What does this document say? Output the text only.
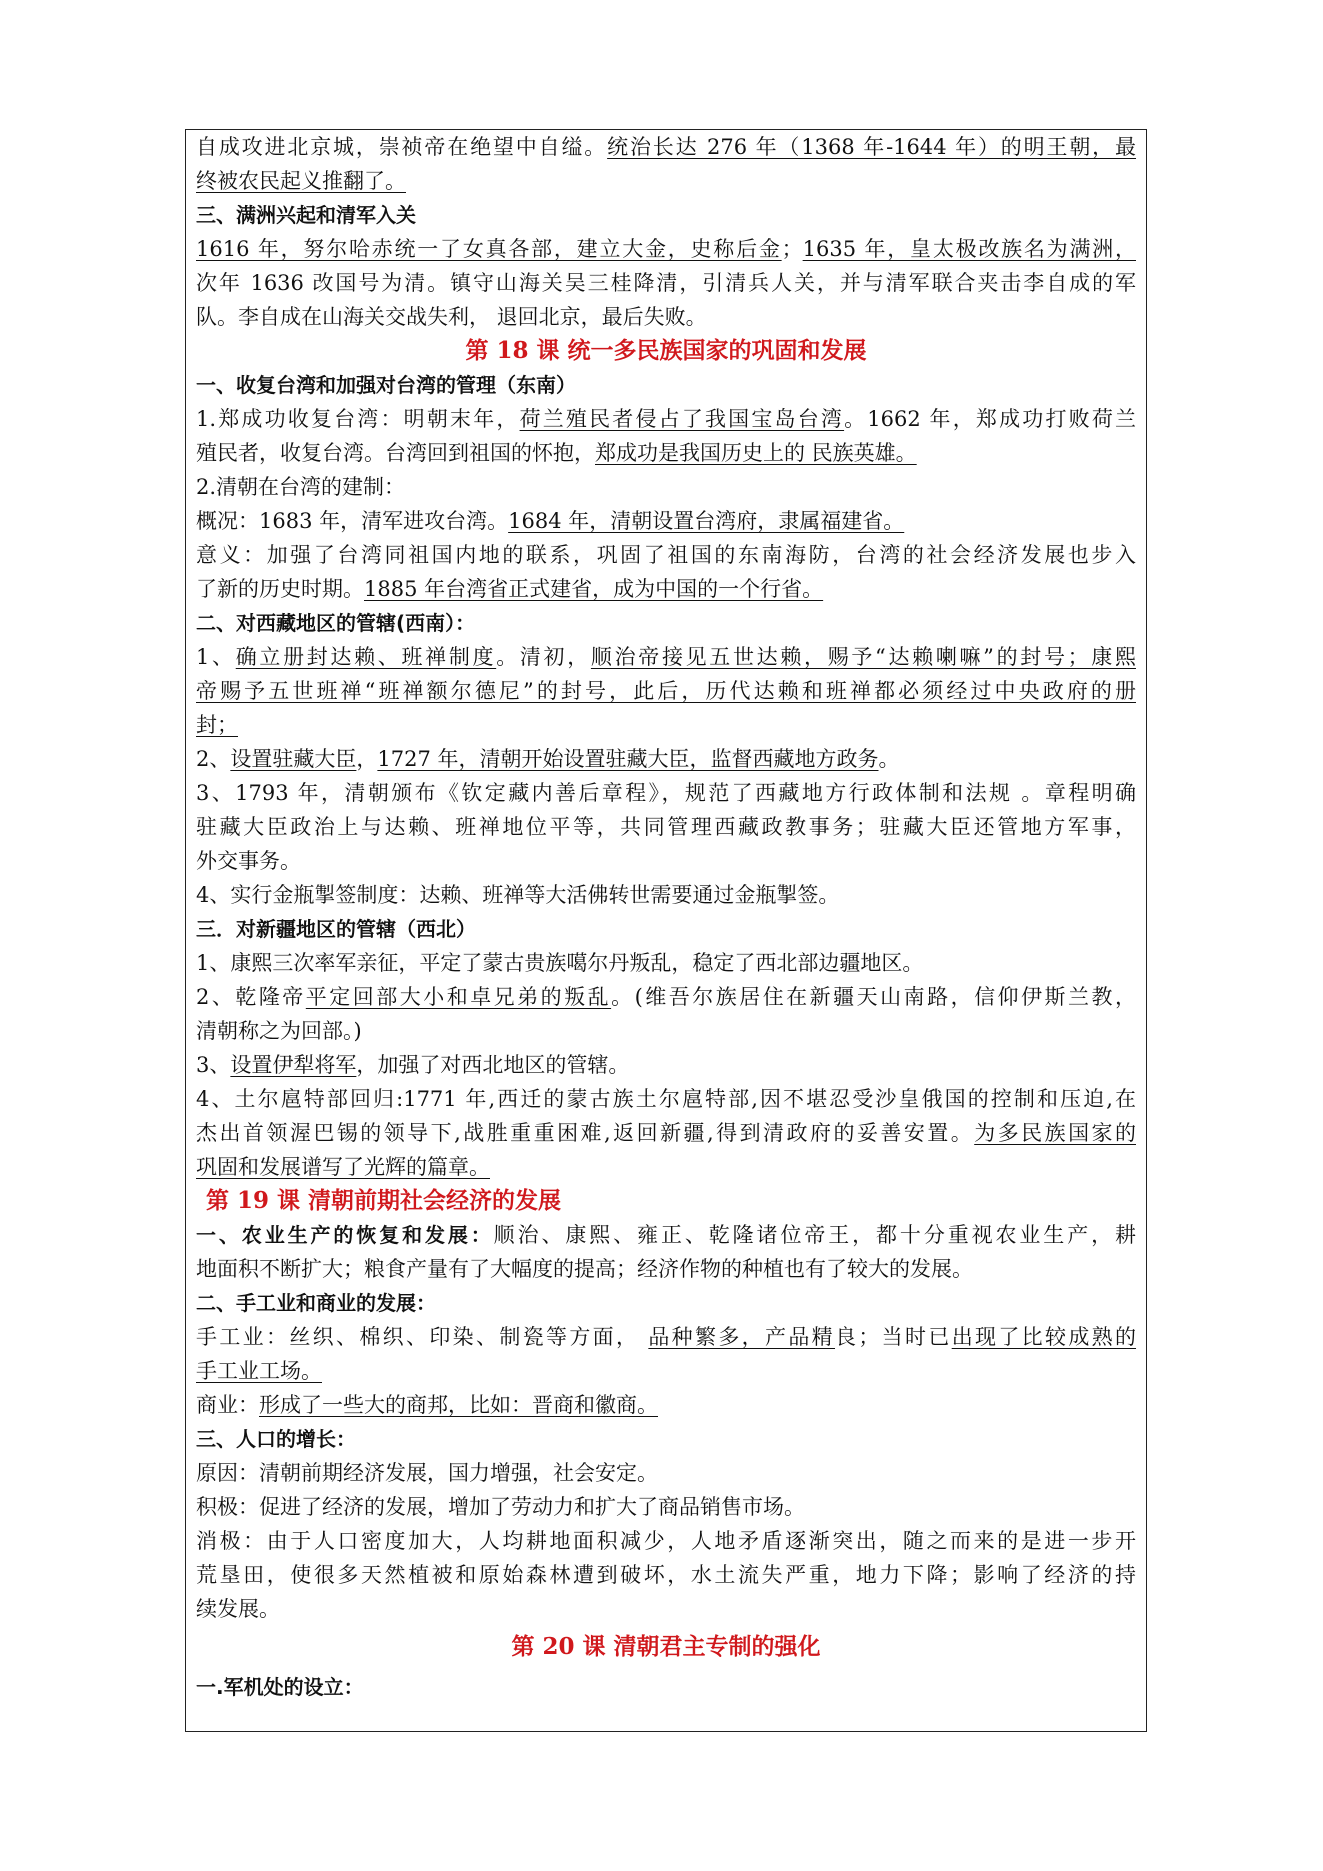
自成攻进北京城，崇祯帝在绝望中自缢。统治长达 276 年（1368 年-1644 年）的明王朝，最
终被农民起义推翻了。
三、满洲兴起和清军入关
1616 年，努尔哈赤统一了女真各部，建立大金，史称后金；1635 年，皇太极改族名为满洲，
次年 1636 改国号为清。镇守山海关吴三桂降清，引清兵人关，并与清军联合夹击李自成的军
队。李自成在山海关交战失利， 退回北京，最后失败。
第 18 课 统一多民族国家的巩固和发展
一、收复台湾和加强对台湾的管理（东南）
1.郑成功收复台湾：明朝末年，荷兰殖民者侵占了我国宝岛台湾。1662 年，郑成功打败荷兰
殖民者，收复台湾。台湾回到祖国的怀抱，郑成功是我国历史上的 民族英雄。
2.清朝在台湾的建制：
概况：1683 年，清军进攻台湾。1684 年，清朝设置台湾府，隶属福建省。
意义：加强了台湾同祖国内地的联系，巩固了祖国的东南海防，台湾的社会经济发展也步入
了新的历史时期。1885 年台湾省正式建省，成为中国的一个行省。
二、对西藏地区的管辖(西南）：
1、确立册封达赖、班禅制度。清初，顺治帝接见五世达赖，赐予“达赖喇嘛”的封号；康熙
帝赐予五世班禅“班禅额尔德尼”的封号，此后，历代达赖和班禅都必须经过中央政府的册
封；
2、设置驻藏大臣，1727 年，清朝开始设置驻藏大臣，监督西藏地方政务。
3、1793 年，清朝颁布《钦定藏内善后章程》，规范了西藏地方行政体制和法规 。章程明确
驻藏大臣政治上与达赖、班禅地位平等，共同管理西藏政教事务；驻藏大臣还管地方军事，
外交事务。
4、实行金瓶掣签制度：达赖、班禅等大活佛转世需要通过金瓶掣签。
三．对新疆地区的管辖（西北）
1、康熙三次率军亲征，平定了蒙古贵族噶尔丹叛乱，稳定了西北部边疆地区。
2、乾隆帝平定回部大小和卓兄弟的叛乱。(维吾尔族居住在新疆天山南路，信仰伊斯兰教，
清朝称之为回部。)
3、设置伊犁将军，加强了对西北地区的管辖。
4、土尔扈特部回归:1771 年,西迁的蒙古族土尔扈特部,因不堪忍受沙皇俄国的控制和压迫,在
杰出首领渥巴锡的领导下,战胜重重困难,返回新疆,得到清政府的妥善安置。为多民族国家的
巩固和发展谱写了光辉的篇章。
第 19 课 清朝前期社会经济的发展
一、农业生产的恢复和发展：顺治、康熙、雍正、乾隆诸位帝王，都十分重视农业生产，耕
地面积不断扩大；粮食产量有了大幅度的提高；经济作物的种植也有了较大的发展。
二、手工业和商业的发展：
手工业：丝织、棉织、印染、制瓷等方面， 品种繁多，产品精良；当时已出现了比较成熟的
手工业工场。
商业：形成了一些大的商邦，比如：晋商和徽商。
三、人口的增长：
原因：清朝前期经济发展，国力增强，社会安定。
积极：促进了经济的发展，增加了劳动力和扩大了商品销售市场。
消极：由于人口密度加大，人均耕地面积减少，人地矛盾逐渐突出，随之而来的是进一步开
荒垦田，使很多天然植被和原始森林遭到破坏，水土流失严重，地力下降；影响了经济的持
续发展。
第 20 课 清朝君主专制的强化
一.军机处的设立：
